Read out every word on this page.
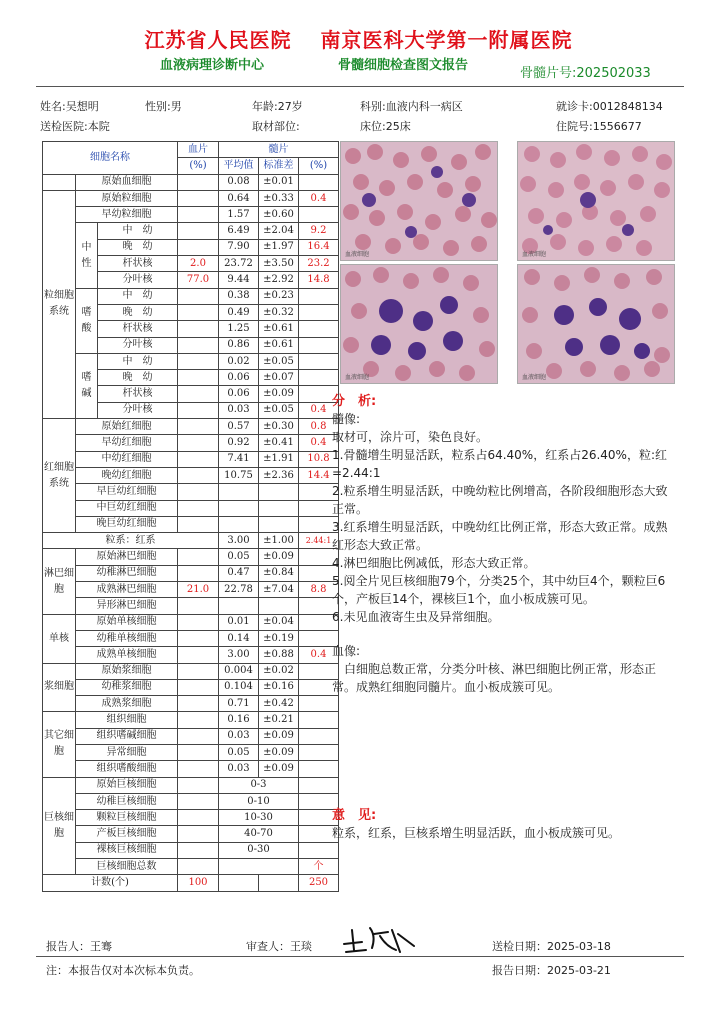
江苏省人民医院　 南京医科大学第一附属医院
血液病理诊断中心	骨髓细胞检查图文报告
骨髓片号:202502033
姓名:吴想明	性别:男	年龄:27岁	科别:血液内科一病区	就诊卡:0012848134
送检医院:本院	取材部位:	床位:25床	住院号:1556677
细胞名称			血片	髓片		
			(%)	平均值	标准差	(%)
	原始血细胞			0.08	±0.01	
粒细胞系统	原始粒细胞			0.64	±0.33	0.4
	早幼粒细胞			1.57	±0.60	
	中性	中　幼		6.49	±2.04	9.2
		晚　幼		7.90	±1.97	16.4
		杆状核	2.0	23.72	±3.50	23.2
		分叶核	77.0	9.44	±2.92	14.8
	嗜酸	中　幼		0.38	±0.23	
		晚　幼		0.49	±0.32	
		杆状核		1.25	±0.61	
		分叶核		0.86	±0.61	
	嗜碱	中　幼		0.02	±0.05	
		晚　幼		0.06	±0.07	
		杆状核		0.06	±0.09	
		分叶核		0.03	±0.05	0.4
红细胞系统	原始红细胞			0.57	±0.30	0.8
	早幼红细胞			0.92	±0.41	0.4
	中幼红细胞			7.41	±1.91	10.8
	晚幼红细胞			10.75	±2.36	14.4
	早巨幼红细胞					
	中巨幼红细胞					
	晚巨幼红细胞					
粒系：红系				3.00	±1.00	2.44:1
淋巴细胞	原始淋巴细胞			0.05	±0.09	
	幼稚淋巴细胞			0.47	±0.84	
	成熟淋巴细胞		21.0	22.78	±7.04	8.8
	异形淋巴细胞					
单核	原始单核细胞			0.01	±0.04	
	幼稚单核细胞			0.14	±0.19	
	成熟单核细胞			3.00	±0.88	0.4
浆细胞	原始浆细胞			0.004	±0.02	
	幼稚浆细胞			0.104	±0.16	
	成熟浆细胞			0.71	±0.42	
其它细胞	组织细胞			0.16	±0.21	
	组织嗜碱细胞			0.03	±0.09	
	异常细胞			0.05	±0.09	
	组织嗜酸细胞			0.03	±0.09	
巨核细胞	原始巨核细胞			0-3		
	幼稚巨核细胞			0-10		
	颗粒巨核细胞			10-30		
	产板巨核细胞			40-70		
	裸核巨核细胞			0-30		
	巨核细胞总数					个
计数(个)			100			250
血液细胞	血液细胞
血液细胞	血液细胞
分　析:
髓像:
取材可，涂片可，染色良好。
1.骨髓增生明显活跃，粒系占64.40%，红系占26.40%，粒:红=2.44:1
2.粒系增生明显活跃，中晚幼粒比例增高，各阶段细胞形态大致正常。
3.红系增生明显活跃，中晚幼红比例正常，形态大致正常。成熟红形态大致正常。
4.淋巴细胞比例减低，形态大致正常。
5.阅全片见巨核细胞79个，分类25个，其中幼巨4个，颗粒巨6个，产板巨14个，裸核巨1个，血小板成簇可见。
6.未见血液寄生虫及异常细胞。
血像:
白细胞总数正常，分类分叶核、淋巴细胞比例正常，形态正常。成熟红细胞同髓片。血小板成簇可见。
意　见:
粒系，红系，巨核系增生明显活跃，血小板成簇可见。
报告人：王骞	审查人：王琰	送检日期：2025-03-18
注：本报告仅对本次标本负责。	报告日期：2025-03-21
